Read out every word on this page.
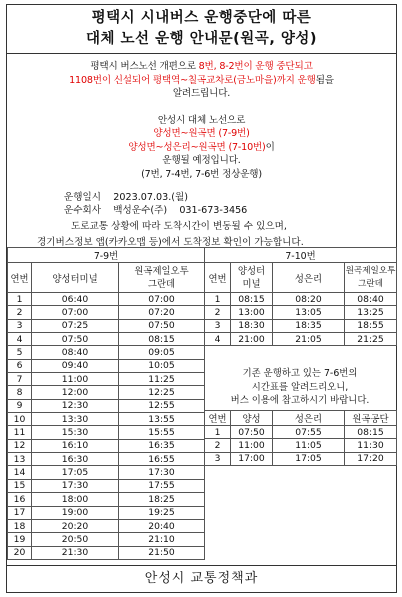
평택시 시내버스 운행중단에 따른
대체 노선 운행 안내문(원곡, 양성)
평택시 버스노선 개편으로 8번, 8-2번이 운행 중단되고
1108번이 신설되어 평택역~칠곡교차로(금노마을)까지 운행됨을
알려드립니다.
안성시 대체 노선으로
양성면~원곡면 (7-9번)
양성면~성은리~원곡면 (7-10번)이
운행될 예정입니다.
(7번, 7-4번, 7-6번 정상운행)
운행일시 2023.07.03.(월)
운수회사 백성운수(주) 031-673-3456
도로교통 상황에 따라 도착시간이 변동될 수 있으며,
경기버스정보 앱(카카오맵 등)에서 도착정보 확인이 가능합니다.
7-9번		
연번	양성터미널	원곡제일오투그란데
1	06:40	07:00
2	07:00	07:20
3	07:25	07:50
4	07:50	08:15
5	08:40	09:05
6	09:40	10:05
7	11:00	11:25
8	12:00	12:25
9	12:30	12:55
10	13:30	13:55
11	15:30	15:55
12	16:10	16:35
13	16:30	16:55
14	17:05	17:30
15	17:30	17:55
16	18:00	18:25
17	19:00	19:25
18	20:20	20:40
19	20:50	21:10
20	21:30	21:50
7-10번			
연번	양성터미널	성은리	원곡제일오투그란데
1	08:15	08:20	08:40
2	13:00	13:05	13:25
3	18:30	18:35	18:55
4	21:00	21:05	21:25
기존 운행하고 있는 7-6번의
시간표를 알려드리오니,
버스 이용에 참고하시기 바랍니다.
연번	양성	성은리	원곡공단
1	07:50	07:55	08:15
2	11:00	11:05	11:30
3	17:00	17:05	17:20
안성시 교통정책과
